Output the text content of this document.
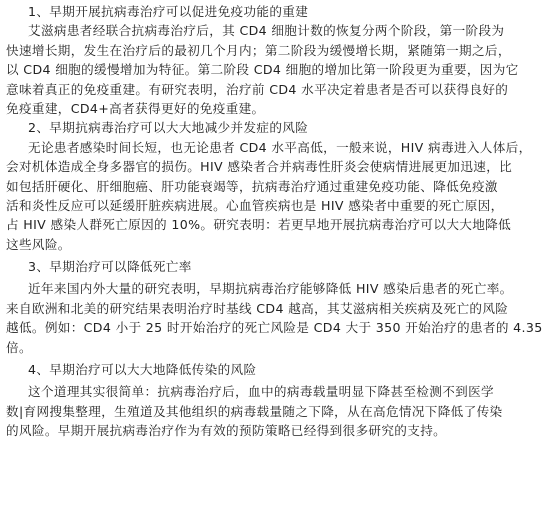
1、早期开展抗病毒治疗可以促进免疫功能的重建
艾滋病患者经联合抗病毒治疗后，其 CD4 细胞计数的恢复分两个阶段，第一阶段为
快速增长期，发生在治疗后的最初几个月内；第二阶段为缓慢增长期，紧随第一期之后，
以 CD4 细胞的缓慢增加为特征。第二阶段 CD4 细胞的增加比第一阶段更为重要，因为它
意味着真正的免疫重建。有研究表明，治疗前 CD4 水平决定着患者是否可以获得良好的
免疫重建，CD4+高者获得更好的免疫重建。
2、早期抗病毒治疗可以大大地减少并发症的风险
无论患者感染时间长短，也无论患者 CD4 水平高低，一般来说，HIV 病毒进入人体后，
会对机体造成全身多器官的损伤。HIV 感染者合并病毒性肝炎会使病情进展更加迅速，比
如包括肝硬化、肝细胞癌、肝功能衰竭等，抗病毒治疗通过重建免疫功能、降低免疫激
活和炎性反应可以延缓肝脏疾病进展。心血管疾病也是 HIV 感染者中重要的死亡原因，
占 HIV 感染人群死亡原因的 10%。研究表明：若更早地开展抗病毒治疗可以大大地降低
这些风险。
3、早期治疗可以降低死亡率
近年来国内外大量的研究表明，早期抗病毒治疗能够降低 HIV 感染后患者的死亡率。
来自欧洲和北美的研究结果表明治疗时基线 CD4 越高，其艾滋病相关疾病及死亡的风险
越低。例如：CD4 小于 25 时开始治疗的死亡风险是 CD4 大于 350 开始治疗的患者的 4.35
倍。
4、早期治疗可以大大地降低传染的风险
这个道理其实很简单：抗病毒治疗后，血中的病毒载量明显下降甚至检测不到医学
数|育网搜集整理，生殖道及其他组织的病毒载量随之下降，从在高危情况下降低了传染
的风险。早期开展抗病毒治疗作为有效的预防策略已经得到很多研究的支持。
